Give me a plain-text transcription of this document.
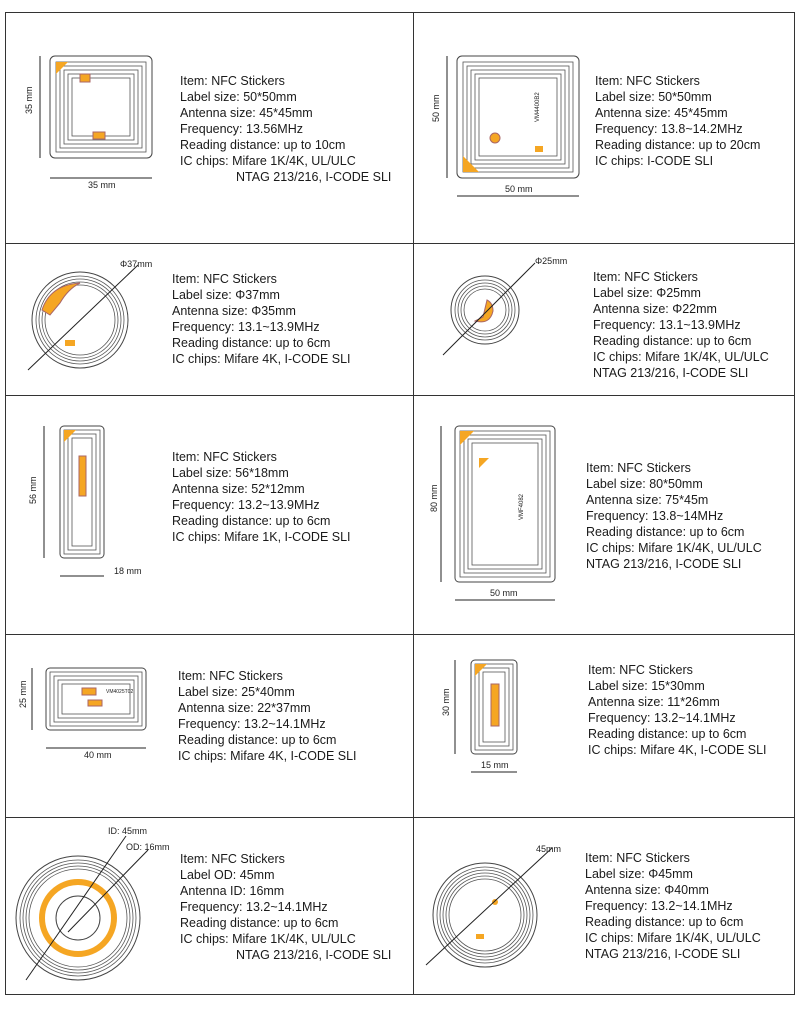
35 mm
35 mm
Item: NFC Stickers
Label size: 50*50mm
Antenna size: 45*45mm
Frequency: 13.56MHz
Reading distance: up to 10cm
IC chips: Mifare 1K/4K, UL/ULC
NTAG 213/216, I-CODE SLI
VM4400B2
50 mm
50 mm
Item: NFC Stickers
Label size: 50*50mm
Antenna size: 45*45mm
Frequency: 13.8~14.2MHz
Reading distance: up to 20cm
IC chips: I-CODE SLI
Φ37mm
Item: NFC Stickers
Label size: Φ37mm
Antenna size: Φ35mm
Frequency: 13.1~13.9MHz
Reading distance: up to 6cm
IC chips: Mifare 4K, I-CODE SLI
Φ25mm
Item: NFC Stickers
Label size: Φ25mm
Antenna size: Φ22mm
Frequency: 13.1~13.9MHz
Reading distance: up to 6cm
IC chips: Mifare 1K/4K, UL/ULC
NTAG 213/216, I-CODE SLI
56 mm
18 mm
Item: NFC Stickers
Label size: 56*18mm
Antenna size: 52*12mm
Frequency: 13.2~13.9MHz
Reading distance: up to 6cm
IC chips: Mifare 1K, I-CODE SLI
VMF4082
80 mm
50 mm
Item: NFC Stickers
Label size: 80*50mm
Antenna size: 75*45m
Frequency: 13.8~14MHz
Reading distance: up to 6cm
IC chips: Mifare 1K/4K, UL/ULC
NTAG 213/216, I-CODE SLI
VM4025T02
25 mm
40 mm
Item: NFC Stickers
Label size: 25*40mm
Antenna size: 22*37mm
Frequency: 13.2~14.1MHz
Reading distance: up to 6cm
IC chips: Mifare 4K, I-CODE SLI
30 mm
15 mm
Item: NFC Stickers
Label size: 15*30mm
Antenna size: 11*26mm
Frequency: 13.2~14.1MHz
Reading distance: up to 6cm
IC chips: Mifare 4K, I-CODE SLI
ID: 45mm
OD: 16mm
Item: NFC Stickers
Label OD: 45mm
Antenna ID: 16mm
Frequency: 13.2~14.1MHz
Reading distance: up to 6cm
IC chips: Mifare 1K/4K, UL/ULC
NTAG 213/216, I-CODE SLI
45mm
Item: NFC Stickers
Label size: Φ45mm
Antenna size: Φ40mm
Frequency: 13.2~14.1MHz
Reading distance: up to 6cm
IC chips: Mifare 1K/4K, UL/ULC
NTAG 213/216, I-CODE SLI
